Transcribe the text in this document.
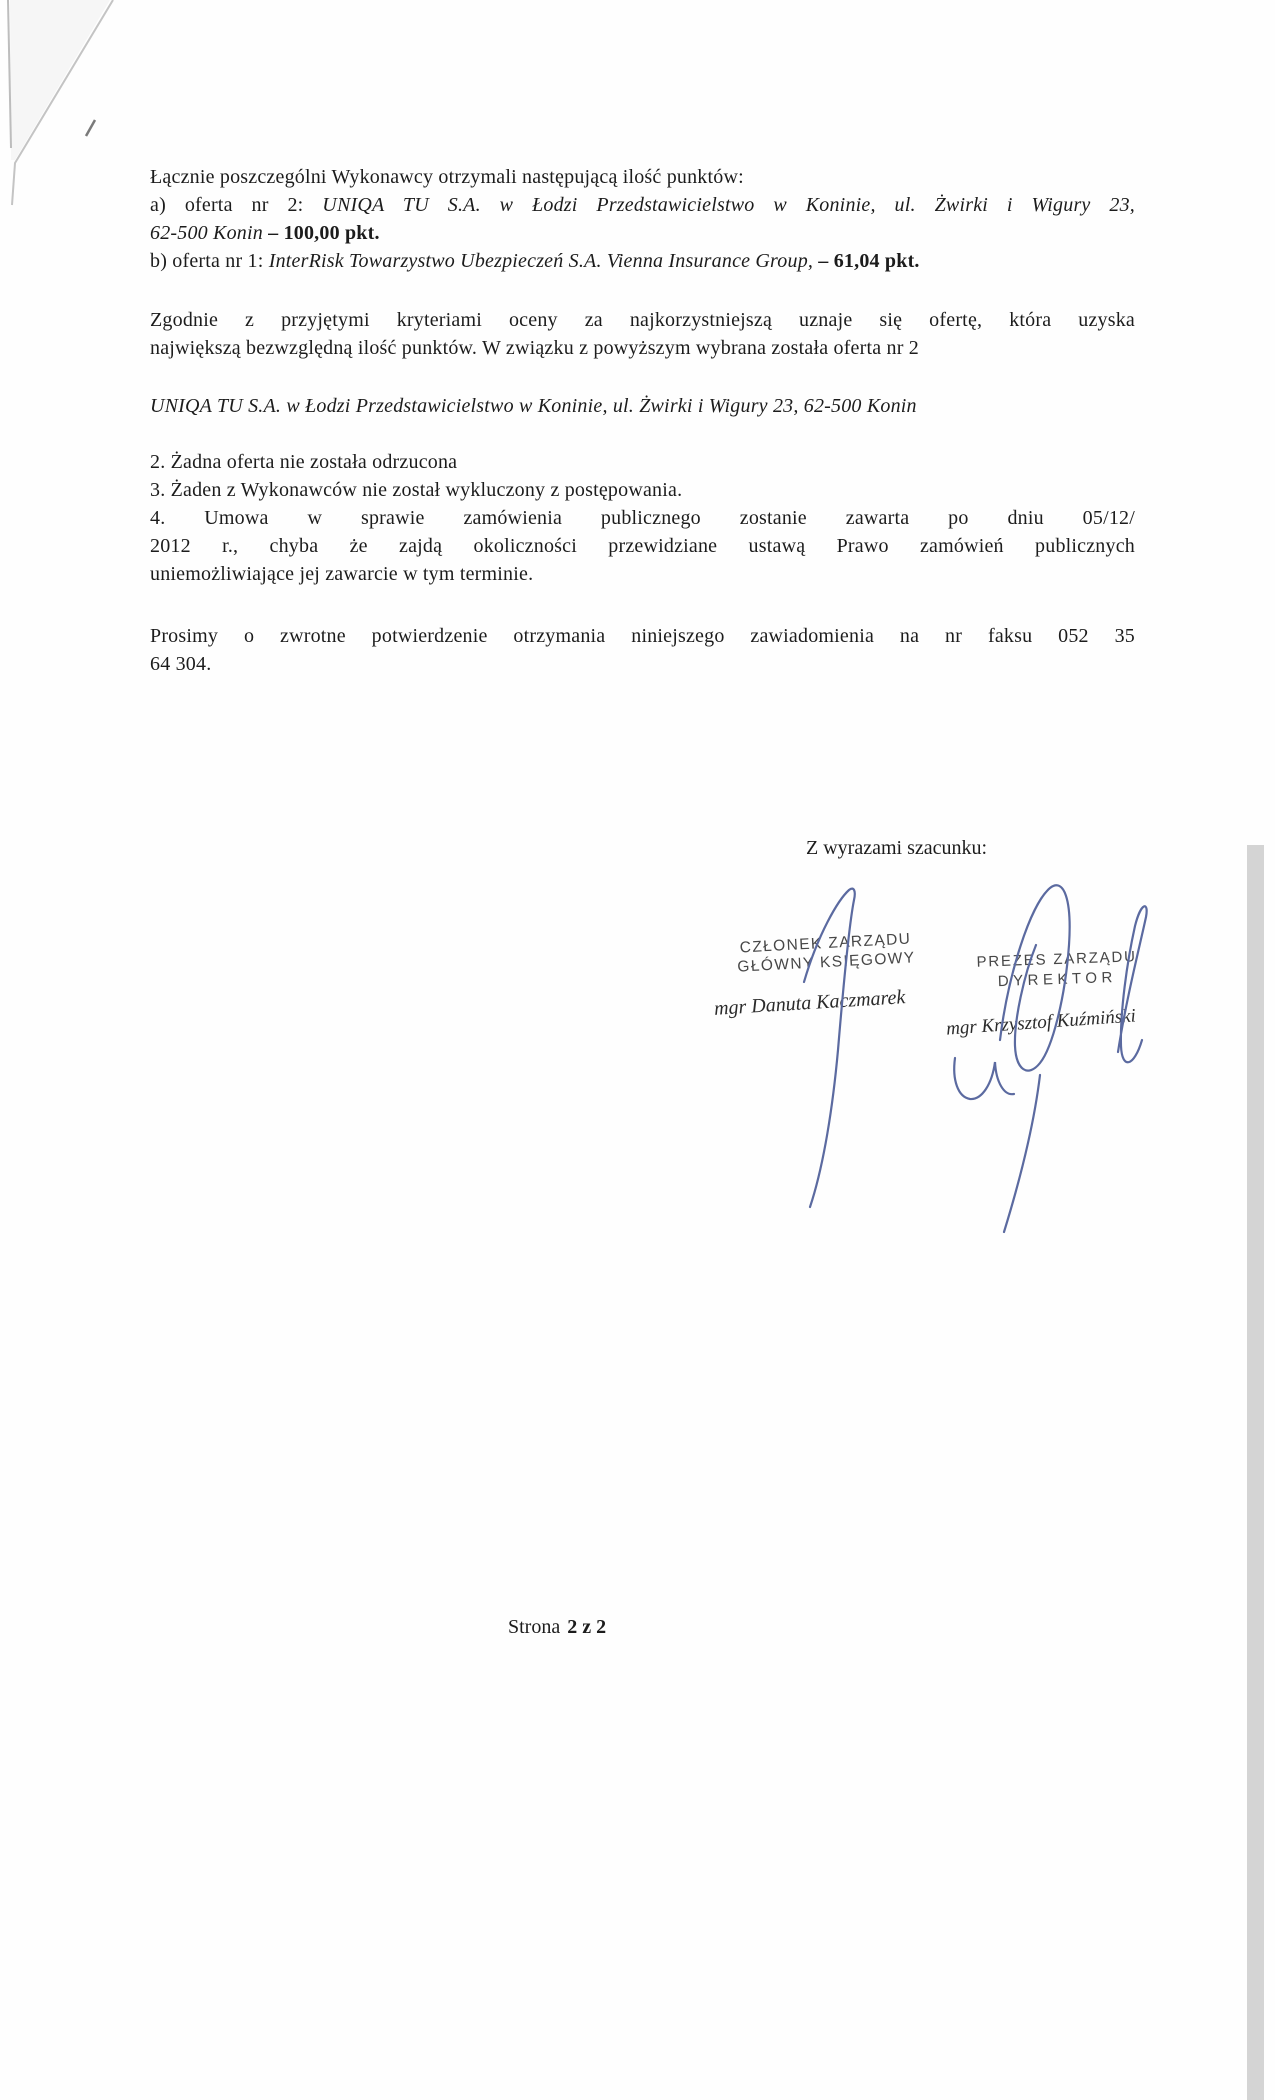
Łącznie poszczególni Wykonawcy otrzymali następującą ilość punktów:
a) oferta nr 2: UNIQA TU S.A. w Łodzi Przedstawicielstwo w Koninie, ul. Żwirki i Wigury 23,
62-500 Konin – 100,00 pkt.
b) oferta nr 1: InterRisk Towarzystwo Ubezpieczeń S.A. Vienna Insurance Group, – 61,04 pkt.
Zgodnie z przyjętymi kryteriami oceny za najkorzystniejszą uznaje się ofertę, która uzyska
największą bezwzględną ilość punktów. W związku z powyższym wybrana została oferta nr 2
UNIQA TU S.A. w Łodzi Przedstawicielstwo w Koninie, ul. Żwirki i Wigury 23, 62-500 Konin
2. Żadna oferta nie została odrzucona
3. Żaden z Wykonawców nie został wykluczony z postępowania.
4. Umowa w sprawie zamówienia publicznego zostanie zawarta po dniu 05/12/
2012 r., chyba że zajdą okoliczności przewidziane ustawą Prawo zamówień publicznych
uniemożliwiające jej zawarcie w tym terminie.
Prosimy o zwrotne potwierdzenie otrzymania niniejszego zawiadomienia na nr faksu 052 35
64 304.
Z wyrazami szacunku:
CZŁONEK ZARZĄDU
GŁÓWNY KSIĘGOWY
mgr Danuta Kaczmarek
PREZES ZARZĄDU
DYREKTOR
mgr Krzysztof Kuźmiński
Strona 2 z 2
